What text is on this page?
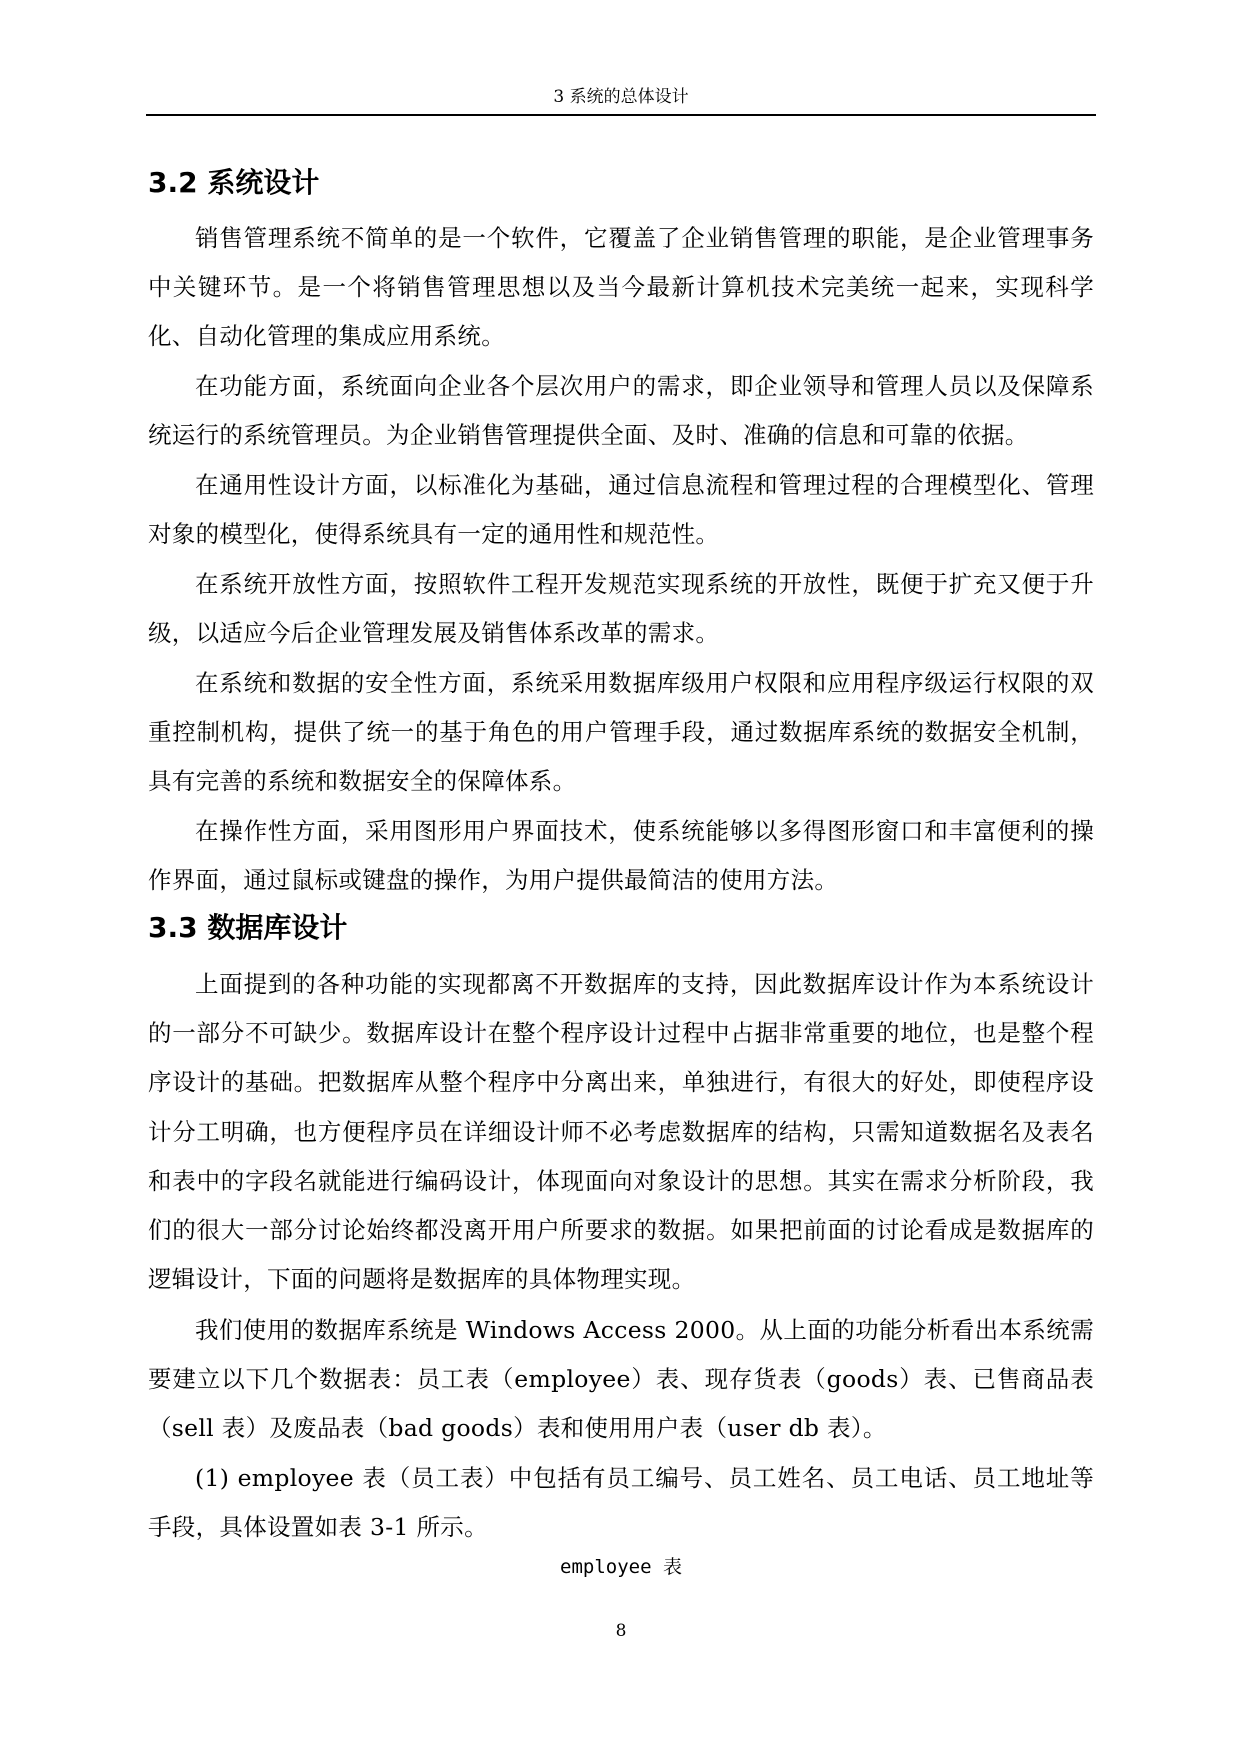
3 系统的总体设计
3.2 系统设计

销售管理系统不简单的是一个软件，它覆盖了企业销售管理的职能，是企业管理事务中关键环节。是一个将销售管理思想以及当今最新计算机技术完美统一起来，实现科学化、自动化管理的集成应用系统。

在功能方面，系统面向企业各个层次用户的需求，即企业领导和管理人员以及保障系统运行的系统管理员。为企业销售管理提供全面、及时、准确的信息和可靠的依据。

在通用性设计方面，以标准化为基础，通过信息流程和管理过程的合理模型化、管理对象的模型化，使得系统具有一定的通用性和规范性。

在系统开放性方面，按照软件工程开发规范实现系统的开放性，既便于扩充又便于升级，以适应今后企业管理发展及销售体系改革的需求。

在系统和数据的安全性方面，系统采用数据库级用户权限和应用程序级运行权限的双重控制机构，提供了统一的基于角色的用户管理手段，通过数据库系统的数据安全机制，具有完善的系统和数据安全的保障体系。

在操作性方面，采用图形用户界面技术，使系统能够以多得图形窗口和丰富便利的操作界面，通过鼠标或键盘的操作，为用户提供最简洁的使用方法。

3.3 数据库设计

上面提到的各种功能的实现都离不开数据库的支持，因此数据库设计作为本系统设计的一部分不可缺少。数据库设计在整个程序设计过程中占据非常重要的地位，也是整个程序设计的基础。把数据库从整个程序中分离出来，单独进行，有很大的好处，即使程序设计分工明确，也方便程序员在详细设计师不必考虑数据库的结构，只需知道数据名及表名和表中的字段名就能进行编码设计，体现面向对象设计的思想。其实在需求分析阶段，我们的很大一部分讨论始终都没离开用户所要求的数据。如果把前面的讨论看成是数据库的逻辑设计，下面的问题将是数据库的具体物理实现。

我们使用的数据库系统是 Windows Access 2000。从上面的功能分析看出本系统需要建立以下几个数据表：员工表（employee）表、现存货表（goods）表、已售商品表（sell 表）及废品表（bad goods）表和使用用户表（user db 表）。

(1) employee 表（员工表）中包括有员工编号、员工姓名、员工电话、员工地址等手段，具体设置如表 3-1 所示。

employee 表
8
